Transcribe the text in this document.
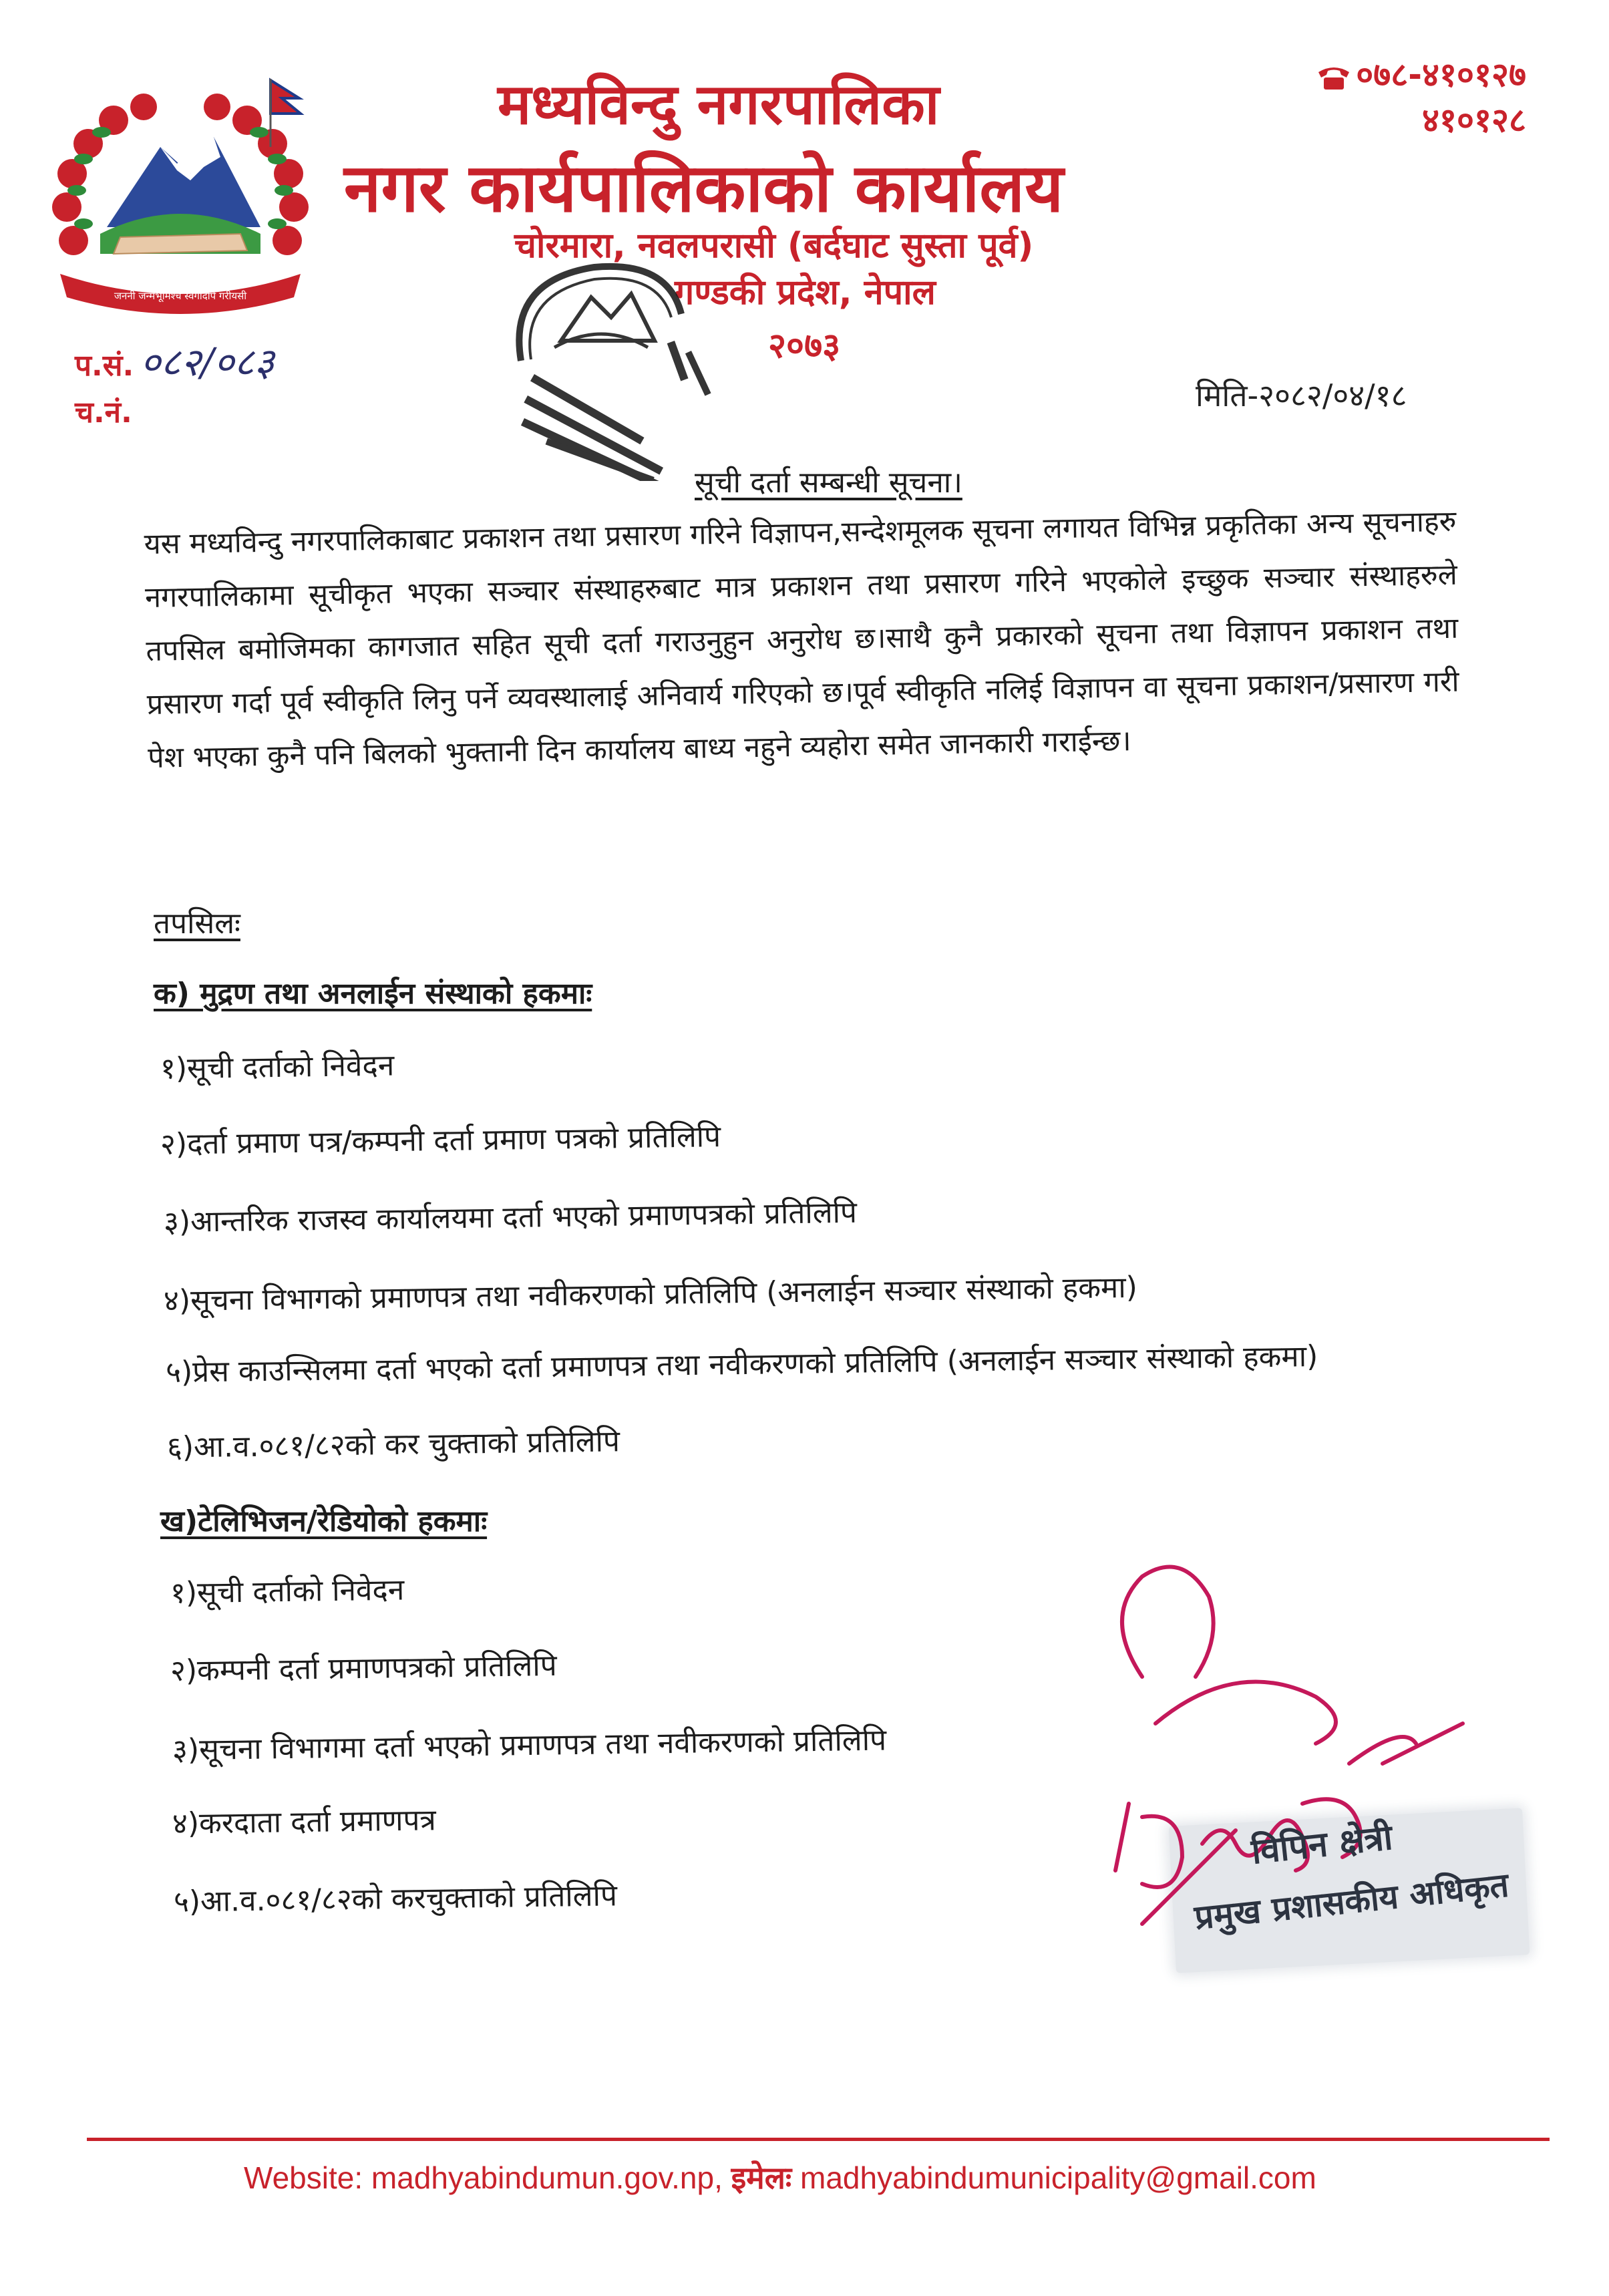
जननी जन्मभूमिश्च स्वर्गादपि गरीयसी
मध्यविन्दु नगरपालिका
नगर कार्यपालिकाको कार्यालय
चोरमारा, नवलपरासी (बर्दघाट सुस्ता पूर्व)
गण्डकी प्रदेश, नेपाल
२०७३
०७८-४१०१२७
४१०१२८
प.सं. ०८२/०८३
च.नं.	मिति-२०८२/०४/१८
सूची दर्ता सम्बन्धी सूचना।
यस मध्यविन्दु नगरपालिकाबाट प्रकाशन तथा प्रसारण गरिने विज्ञापन,सन्देशमूलक सूचना लगायत विभिन्न प्रकृतिका अन्य सूचनाहरु नगरपालिकामा सूचीकृत भएका सञ्चार संस्थाहरुबाट मात्र प्रकाशन तथा प्रसारण गरिने भएकोले इच्छुक सञ्चार संस्थाहरुले तपसिल बमोजिमका कागजात सहित सूची दर्ता गराउनुहुन अनुरोध छ।साथै कुनै प्रकारको सूचना तथा विज्ञापन प्रकाशन तथा प्रसारण गर्दा पूर्व स्वीकृति लिनु पर्ने व्यवस्थालाई अनिवार्य गरिएको छ।पूर्व स्वीकृति नलिई विज्ञापन वा सूचना प्रकाशन/प्रसारण गरी पेश भएका कुनै पनि बिलको भुक्तानी दिन कार्यालय बाध्य नहुने व्यहोरा समेत जानकारी गराईन्छ।
तपसिलः
क) मुद्रण तथा अनलाईन संस्थाको हकमाः
१)सूची दर्ताको निवेदन
२)दर्ता प्रमाण पत्र/कम्पनी दर्ता प्रमाण पत्रको प्रतिलिपि
३)आन्तरिक राजस्व कार्यालयमा दर्ता भएको प्रमाणपत्रको प्रतिलिपि
४)सूचना विभागको प्रमाणपत्र तथा नवीकरणको प्रतिलिपि (अनलाईन सञ्चार संस्थाको हकमा)
५)प्रेस काउन्सिलमा दर्ता भएको दर्ता प्रमाणपत्र तथा नवीकरणको प्रतिलिपि (अनलाईन सञ्चार संस्थाको हकमा)
६)आ.व.०८१/८२को कर चुक्ताको प्रतिलिपि
ख)टेलिभिजन/रेडियोको हकमाः
१)सूची दर्ताको निवेदन
२)कम्पनी दर्ता प्रमाणपत्रको प्रतिलिपि
३)सूचना विभागमा दर्ता भएको प्रमाणपत्र तथा नवीकरणको प्रतिलिपि
४)करदाता दर्ता प्रमाणपत्र
५)आ.व.०८१/८२को करचुक्ताको प्रतिलिपि
विपिन क्षेत्री
प्रमुख प्रशासकीय अधिकृत
Website: madhyabindumun.gov.np, इमेलः madhyabindumunicipality@gmail.com
